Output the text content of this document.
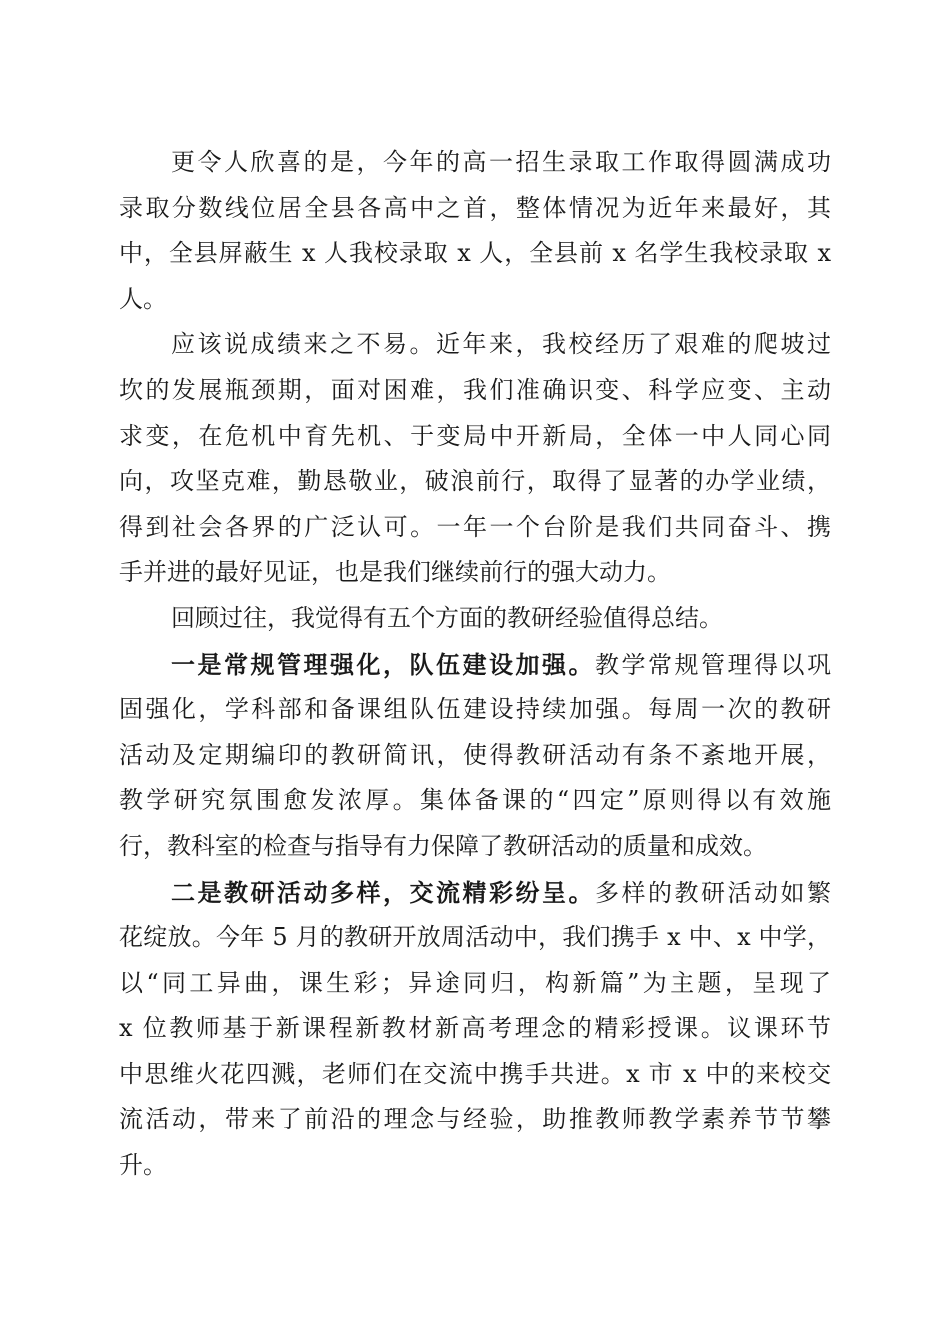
更令人欣喜的是，今年的高一招生录取工作取得圆满成功
录取分数线位居全县各高中之首，整体情况为近年来最好，其
中，全县屏蔽生 x 人我校录取 x 人，全县前 x 名学生我校录取 x
人。
应该说成绩来之不易。近年来，我校经历了艰难的爬坡过
坎的发展瓶颈期，面对困难，我们准确识变、科学应变、主动
求变，在危机中育先机、于变局中开新局，全体一中人同心同
向，攻坚克难，勤恳敬业，破浪前行，取得了显著的办学业绩，
得到社会各界的广泛认可。一年一个台阶是我们共同奋斗、携
手并进的最好见证，也是我们继续前行的强大动力。
回顾过往，我觉得有五个方面的教研经验值得总结。
一是常规管理强化，队伍建设加强。教学常规管理得以巩
固强化，学科部和备课组队伍建设持续加强。每周一次的教研
活动及定期编印的教研简讯，使得教研活动有条不紊地开展，
教学研究氛围愈发浓厚。集体备课的“四定”原则得以有效施
行，教科室的检查与指导有力保障了教研活动的质量和成效。
二是教研活动多样，交流精彩纷呈。多样的教研活动如繁
花绽放。今年 5 月的教研开放周活动中，我们携手 x 中、x 中学，
以“同工异曲，课生彩；异途同归，构新篇”为主题，呈现了
x 位教师基于新课程新教材新高考理念的精彩授课。议课环节
中思维火花四溅，老师们在交流中携手共进。x 市 x 中的来校交
流活动，带来了前沿的理念与经验，助推教师教学素养节节攀
升。
